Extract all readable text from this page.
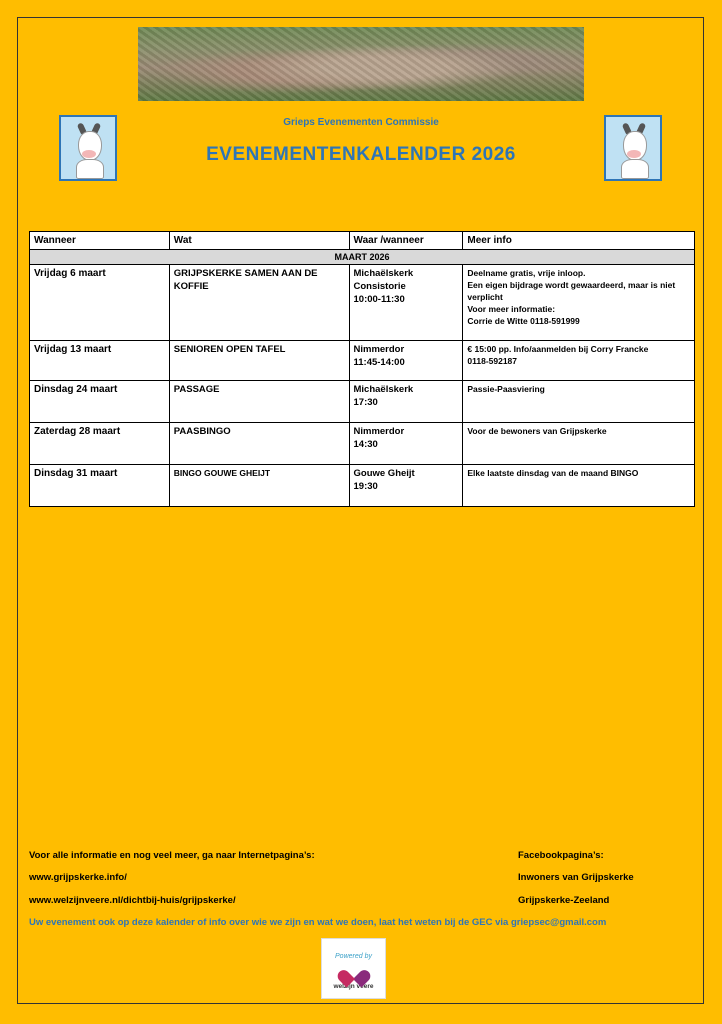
Grieps Evenementen Commissie
EVENEMENTENKALENDER 2026
Wanneer	Wat	Waar /wanneer	Meer info
MAART 2026			
Vrijdag 6 maart	GRIJPSKERKE SAMEN AAN DE KOFFIE	Michaëlskerk
Consistorie
10:00-11:30	Deelname gratis, vrije inloop.
Een eigen bijdrage wordt gewaardeerd, maar is niet verplicht
Voor meer informatie:
Corrie de Witte 0118-591999
Vrijdag 13 maart	SENIOREN OPEN TAFEL	Nimmerdor
11:45-14:00	€ 15:00 pp. Info/aanmelden bij Corry Francke
0118-592187
Dinsdag 24 maart	PASSAGE	Michaëlskerk
17:30	Passie-Paasviering
Zaterdag 28 maart	PAASBINGO	Nimmerdor
14:30	Voor de bewoners van Grijpskerke
Dinsdag 31 maart	BINGO GOUWE GHEIJT	Gouwe Gheijt
19:30	Elke laatste dinsdag van de maand BINGO
Voor alle informatie en nog veel meer, ga naar Internetpagina’s:
www.grijpskerke.info/
www.welzijnveere.nl/dichtbij-huis/grijpskerke/
Facebookpagina’s:
Inwoners van Grijpskerke
Grijpskerke-Zeeland
Uw evenement ook op deze kalender of info over wie we zijn en wat we doen, laat het weten bij de GEC via griepsec@gmail.com
Powered by
welzijn veere
